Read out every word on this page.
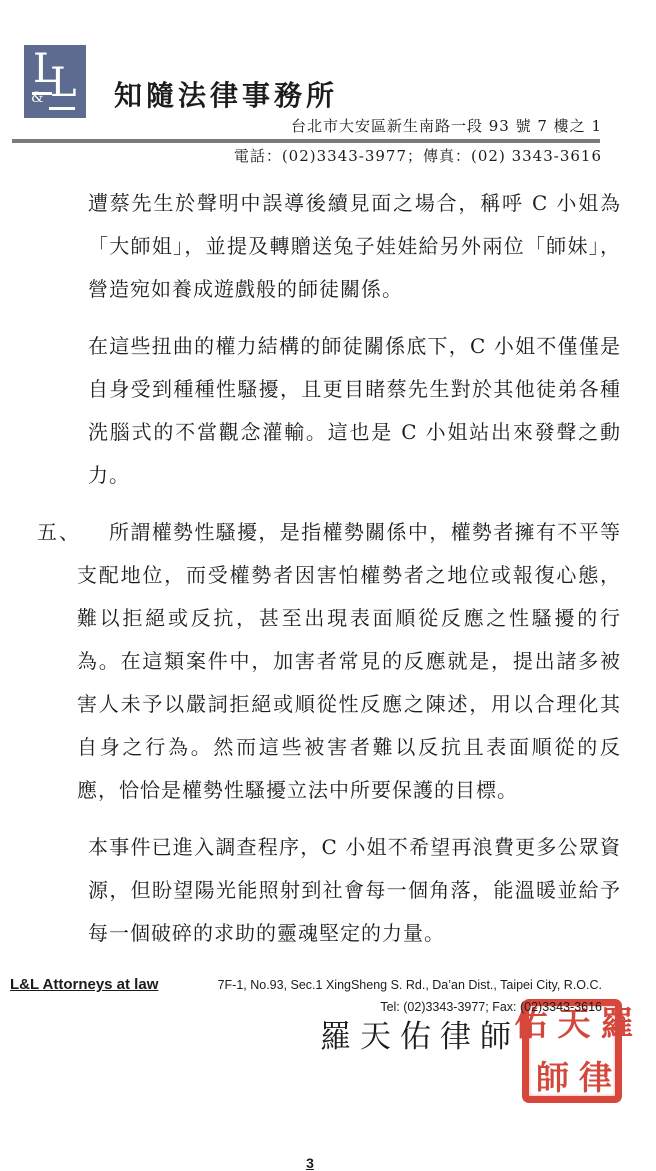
L
& L 知隨法律事務所
台北市大安區新生南路一段 93 號 7 樓之 1
電話：(02)3343-3977；傳真：(02) 3343-3616

遭蔡先生於聲明中誤導後續見面之場合，稱呼 C 小姐為「大師姐」，並提及轉贈送兔子娃娃給另外兩位「師妹」，營造宛如養成遊戲般的師徒關係。

在這些扭曲的權力結構的師徒關係底下，C 小姐不僅僅是自身受到種種性騷擾，且更目睹蔡先生對於其他徒弟各種洗腦式的不當觀念灌輸。這也是 C 小姐站出來發聲之動力。

五、	所謂權勢性騷擾，是指權勢關係中，權勢者擁有不平等支配地位，而受權勢者因害怕權勢者之地位或報復心態，難以拒絕或反抗，甚至出現表面順從反應之性騷擾的行為。在這類案件中，加害者常見的反應就是，提出諸多被害人未予以嚴詞拒絕或順從性反應之陳述，用以合理化其自身之行為。然而這些被害者難以反抗且表面順從的反應，恰恰是權勢性騷擾立法中所要保護的目標。

本事件已進入調查程序，C 小姐不希望再浪費更多公眾資源，但盼望陽光能照射到社會每一個角落，能溫暖並給予每一個破碎的求助的靈魂堅定的力量。

羅天佑律師	羅天佑
律師
3
L&L Attorneys at law	7F-1, No.93, Sec.1 XingSheng S. Rd., Da’an Dist., Taipei City, R.O.C.
Tel: (02)3343-3977; Fax: (02)3343-3616
